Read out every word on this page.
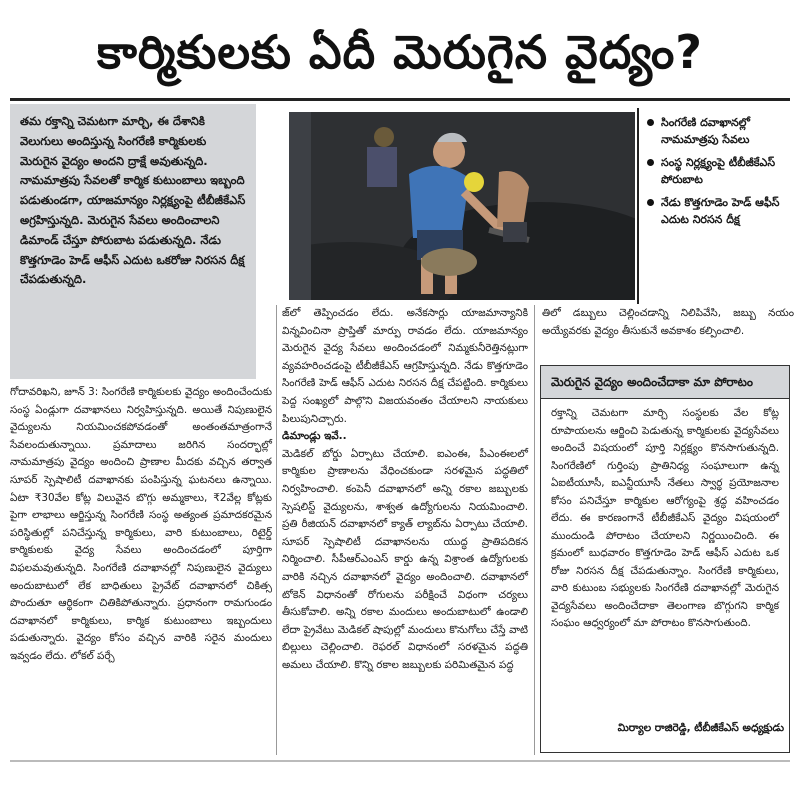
కార్మికులకు ఏదీ మెరుగైన వైద్యం?
తమ రక్తాన్ని చెమటగా మార్చి, ఈ దేశానికి వెలుగులు అందిస్తున్న సింగరేణి కార్మికులకు మెరుగైన వైద్యం అందని ద్రాక్షే అవుతున్నది. నామమాత్రపు సేవలతో కార్మిక కుటుంబాలు ఇబ్బంది పడుతుండగా, యాజమాన్యం నిర్లక్ష్యంపై టీబీజీకేఎస్ అగ్రహిస్తున్నది. మెరుగైన సేవలు అందించాలని డిమాండ్ చేస్తూ పోరుబాట పడుతున్నది. నేడు కొత్తగూడెం హెడ్ ఆఫీస్ ఎదుట ఒకరోజు నిరసన దీక్ష చేపడుతున్నది.
సింగరేణి దవాఖానల్లో నామమాత్రపు సేవలు
సంస్థ నిర్లక్ష్యంపై టీబీజీకేఎస్ పోరుబాట
నేడు కొత్తగూడెం హెడ్ ఆఫీస్ ఎదుట నిరసన దీక్ష

గోదావరిఖని, జూన్ 3: సింగరేణి కార్మికులకు వైద్యం అందించేందుకు సంస్థ ఏండ్లుగా దవాఖానలు నిర్వహిస్తున్నది. అయితే నిపుణులైన వైద్యులను నియమించకపోవడంతో అంతంతమాత్రంగానే సేవలందుతున్నాయి. ప్రమాదాలు జరిగిన సందర్భాల్లో నామమాత్రపు వైద్యం అందించి ప్రాణాల మీదకు వచ్చిన తర్వాత సూపర్ స్పెషాలిటీ దవాఖానకు పంపిస్తున్న ఘటనలు ఉన్నాయి. ఏటా ₹30వేల కోట్ల విలువైన బొగ్గు అమ్మకాలు, ₹2వేల్ల కోట్లకు పైగా లాభాలు ఆర్జిస్తున్న సింగరేణి సంస్థ అత్యంత ప్రమాదకరమైన పరిస్థితుల్లో పనిచేస్తున్న కార్మికులు, వారి కుటుంబాలు, రిటైర్డ్ కార్మికులకు వైద్య సేవలు అందించడంలో పూర్తిగా విఫలమవుతున్నది. సింగరేణి దవాఖానల్లో నిపుణులైన వైద్యులు అందుబాటులో లేక బాధితులు ప్రైవేట్ దవాఖానలో చికిత్స పొందుతూ ఆర్థికంగా చితికిపోతున్నారు. ప్రధానంగా రామగుండం దవాఖానలో కార్మికులు, కార్మిక కుటుంబాలు ఇబ్బందులు పడుతున్నారు. వైద్యం కోసం వచ్చిన వారికి సరైన మందులు ఇవ్వడం లేదు. లోకల్ పర్చే

జ్‌లో తెప్పించడం లేదు. అనేకసార్లు యాజమాన్యానికి విన్నవించినా ప్రాప్తితో మార్పు రావడం లేదు. యాజమాన్యం మెరుగైన వైద్య సేవలు అందించడంలో నిమ్మకునీరెత్తినట్లుగా వ్యవహరించడంపై టీబీజీకేఎస్ ఆగ్రహిస్తున్నది. నేడు కొత్తగూడెం సింగరేణి హెడ్ ఆఫీస్ ఎదుట నిరసన దీక్ష చేపట్టింది. కార్మికులు పెద్ద సంఖ్యలో పాల్గొని విజయవంతం చేయాలని నాయకులు పిలుపునిచ్చారు.

డిమాండ్లు ఇవే..

మెడికల్ బోర్డు ఏర్పాటు చేయాలి. ఐఎంఈ, పీఎంఈలలో కార్మికుల ప్రాణాలను వేధించకుండా సరళమైన పద్ధతిలో నిర్వహించాలి. కంపెనీ దవాఖానలో అన్ని రకాల జబ్బులకు స్పెషలిస్ట్ వైద్యులను, శాశ్వత ఉద్యోగులను నియమించాలి. ప్రతి రీజియన్ దవాఖానలో క్యాత్ ల్యాబ్‌ను ఏర్పాటు చేయాలి. సూపర్ స్పెషాలిటీ దవాఖానలను యుద్ధ ప్రాతిపదికన నిర్మించాలి. సీపీఆర్ఎంఎస్ కార్డు ఉన్న విశ్రాంత ఉద్యోగులకు వారికి నచ్చిన దవాఖానలో వైద్యం అందించాలి. దవాఖానలో టోకెన్ విధానంతో రోగులను పరీక్షించే విధంగా చర్యలు తీసుకోవాలి. అన్ని రకాల మందులు అందుబాటులో ఉండాలి లేదా ప్రైవేటు మెడికల్ షాపుల్లో మందులు కొనుగోలు చేస్తే వాటి బిల్లులు చెల్లించాలి. రెఫరల్ విధానంలో సరళమైన పద్ధతి అమలు చేయాలి. కొన్ని రకాల జబ్బులకు పరిమితమైన పద్ధ

తిలో డబ్బులు చెల్లించడాన్ని నిలిపివేసి, జబ్బు నయం అయ్యేవరకు వైద్యం తీసుకునే అవకాశం కల్పించాలి.

మెరుగైన వైద్యం అందించేదాకా మా పోరాటం
రక్తాన్ని చెమటగా మార్చి సంస్థలకు వేల కోట్ల రూపాయలను ఆర్జించి పెడుతున్న కార్మికులకు వైద్యసేవలు అందించే విషయంలో పూర్తి నిర్లక్ష్యం కొనసాగుతున్నది. సింగరేణిలో గుర్తింపు ప్రాతినిధ్య సంఘాలుగా ఉన్న ఏఐటీయూసీ, ఐఎన్టీయూసీ నేతలు స్వార్థ ప్రయోజనాల కోసం పనిచేస్తూ కార్మికుల ఆరోగ్యంపై శ్రద్ధ వహించడం లేదు. ఈ కారణంగానే టీబీజీకేఎస్ వైద్యం విషయంలో ముందుండి పోరాటం చేయాలని నిర్ణయించింది. ఈ క్రమంలో బుధవారం కొత్తగూడెం హెడ్ ఆఫీస్ ఎదుట ఒక రోజు నిరసన దీక్ష చేపడుతున్నాం. సింగరేణి కార్మికులు, వారి కుటుంబ సభ్యులకు సింగరేణి దవాఖానల్లో మెరుగైన వైద్యసేవలు అందించేదాకా తెలంగాణ బొగ్గుగని కార్మిక సంఘం ఆధ్వర్యంలో మా పోరాటం కొనసాగుతుంది.
మిర్యాల రాజిరెడ్డి, టీబీజీకేఎస్ అధ్యక్షుడు
